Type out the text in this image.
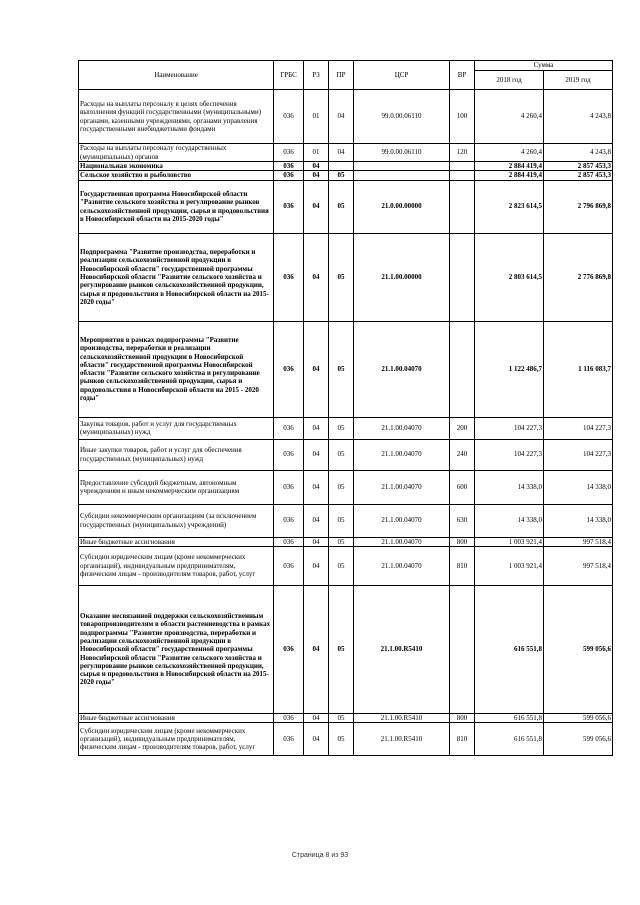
Наименование	ГРБС	РЗ	ПР	ЦСР	ВР	Сумма	
						2018 год	2019 год
Расходы на выплаты персоналу в целях обеспечения выполнения функций государственными (муниципальными) органами, казенными учреждениями, органами управления государственными внебюджетными фондами	036	01	04	99.0.00.06110	100	4 260,4	4 243,8
Расходы на выплаты персоналу государственных (муниципальных) органов	036	01	04	99.0.00.06110	120	4 260,4	4 243,8
Национальная экономика	036	04				2 884 419,4	2 857 453,3
Сельское хозяйство и рыболовство	036	04	05			2 884 419,4	2 857 453,3
Государственная программа Новосибирской области "Развитие сельского хозяйства и регулирование рынков сельскохозяйственной продукции, сырья и продовольствия в Новосибирской области на 2015-2020 годы"	036	04	05	21.0.00.00000		2 823 614,5	2 796 869,8
Подпрограмма "Развитие производства, переработки и реализации сельскохозяйственной продукции в Новосибирской области" государственной программы Новосибирской области "Развитие сельского хозяйства и регулирование рынков сельскохозяйственной продукции, сырья и продовольствия в Новосибирской области на 2015-2020 годы"	036	04	05	21.1.00.00000		2 803 614,5	2 776 869,8
Мероприятия в рамках подпрограммы "Развитие производства, переработки и реализации сельскохозяйственной продукции в Новосибирской области" государственной программы Новосибирской области "Развитие сельского хозяйства и регулирование рынков сельскохозяйственной продукции, сырья и продовольствия в Новосибирской области на 2015 - 2020 годы"	036	04	05	21.1.00.04070		1 122 486,7	1 116 083,7
Закупка товаров, работ и услуг для государственных (муниципальных) нужд	036	04	05	21.1.00.04070	200	104 227,3	104 227,3
Иные закупки товаров, работ и услуг для обеспечения государственных (муниципальных) нужд	036	04	05	21.1.00.04070	240	104 227,3	104 227,3
Предоставление субсидий бюджетным, автономным учреждениям и иным некоммерческим организациям	036	04	05	21.1.00.04070	600	14 338,0	14 338,0
Субсидии некоммерческим организациям (за исключением государственных (муниципальных) учреждений)	036	04	05	21.1.00.04070	630	14 338,0	14 338,0
Иные бюджетные ассигнования	036	04	05	21.1.00.04070	800	1 003 921,4	997 518,4
Субсидии юридическим лицам (кроме некоммерческих организаций), индивидуальным предпринимателям, физическим лицам - производителям товаров, работ, услуг	036	04	05	21.1.00.04070	810	1 003 921,4	997 518,4
Оказание несвязанной поддержки сельскохозяйственным товаропроизводителям в области растениеводства в рамках подпрограммы "Развитие производства, переработки и реализации сельскохозяйственной продукции в Новосибирской области" государственной программы Новосибирской области "Развитие сельского хозяйства и регулирование рынков сельскохозяйственной продукции, сырья и продовольствия в Новосибирской области на 2015-2020 годы"	036	04	05	21.1.00.R5410		616 551,8	599 056,6
Иные бюджетные ассигнования	036	04	05	21.1.00.R5410	800	616 551,8	599 056,6
Субсидии юридическим лицам (кроме некоммерческих организаций), индивидуальным предпринимателям, физическим лицам - производителям товаров, работ, услуг	036	04	05	21.1.00.R5410	810	616 551,8	599 056,6
Страница 8 из 93
